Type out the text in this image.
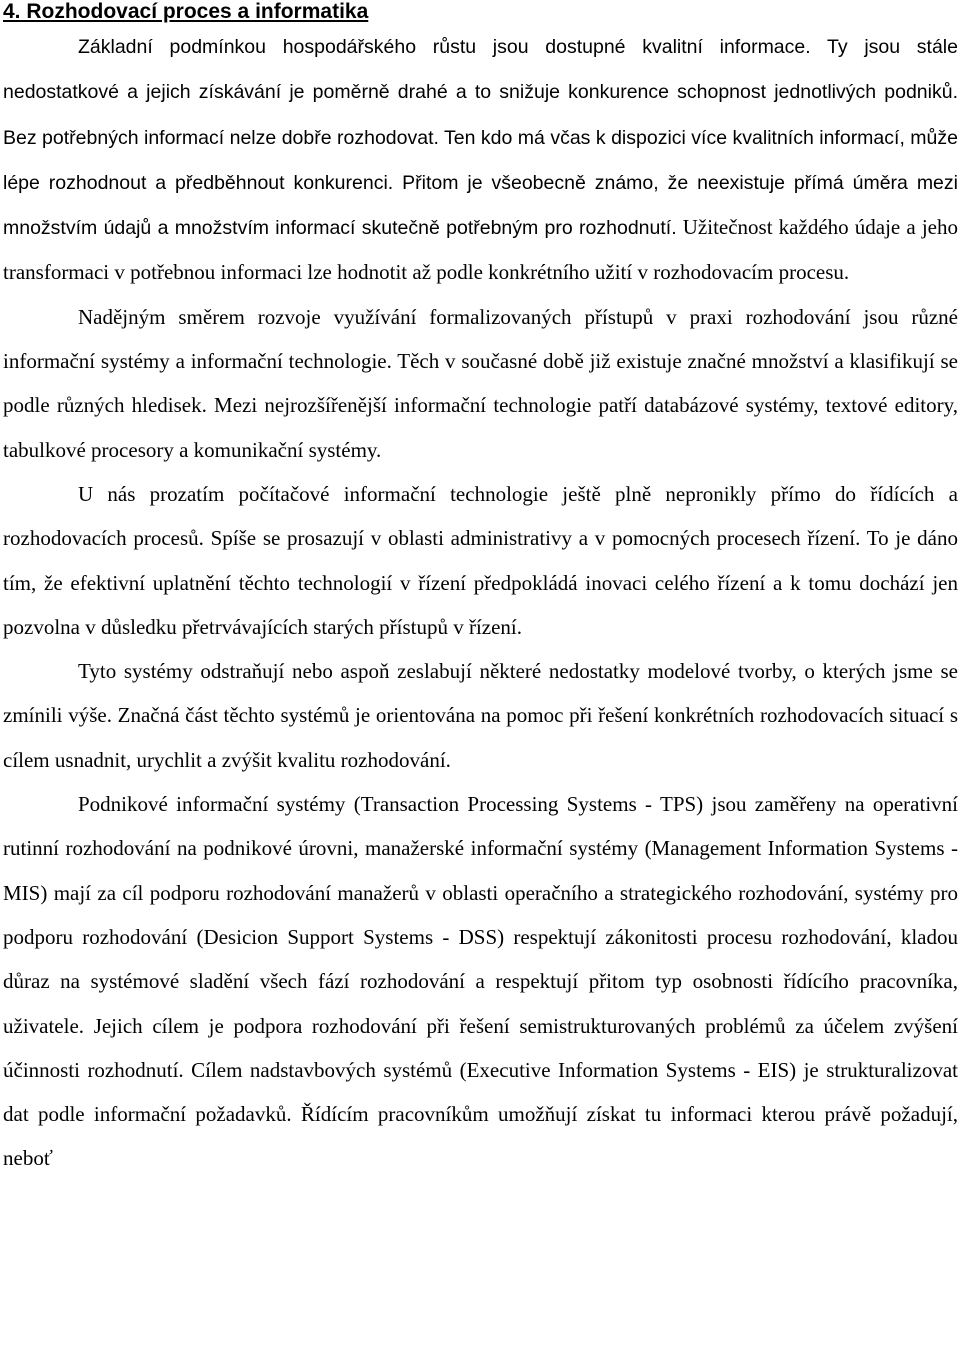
4. Rozhodovací proces a informatika

Základní podmínkou hospodářského růstu jsou dostupné kvalitní informace. Ty jsou stále nedostatkové a jejich získávání je poměrně drahé a to snižuje konkurence schopnost jednotlivých podniků. Bez potřebných informací nelze dobře rozhodovat. Ten kdo má včas k dispozici více kvalitních informací, může lépe rozhodnout a předběhnout konkurenci. Přitom je všeobecně známo, že neexistuje přímá úměra mezi množstvím údajů a množstvím informací skutečně potřebným pro rozhodnutí. Užitečnost každého údaje a jeho transformaci v potřebnou informaci lze hodnotit až podle konkrétního užití v rozhodovacím procesu.

Nadějným směrem rozvoje využívání formalizovaných přístupů v praxi rozhodování jsou různé informační systémy a informační technologie. Těch v současné době již existuje značné množství a klasifikují se podle různých hledisek. Mezi nejrozšířenější informační technologie patří databázové systémy, textové editory, tabulkové procesory a komunikační systémy.

U nás prozatím počítačové informační technologie ještě plně nepronikly přímo do řídících a rozhodovacích procesů. Spíše se prosazují v oblasti administrativy a v pomocných procesech řízení. To je dáno tím, že efektivní uplatnění těchto technologií v řízení předpokládá inovaci celého řízení a k tomu dochází jen pozvolna v důsledku přetrvávajících starých přístupů v řízení.

Tyto systémy odstraňují nebo aspoň zeslabují některé nedostatky modelové tvorby, o kterých jsme se zmínili výše. Značná část těchto systémů je orientována na pomoc při řešení konkrétních rozhodovacích situací s cílem usnadnit, urychlit a zvýšit kvalitu rozhodování.

Podnikové informační systémy (Transaction Processing Systems - TPS) jsou zaměřeny na operativní rutinní rozhodování na podnikové úrovni, manažerské informační systémy (Management Information Systems - MIS) mají za cíl podporu rozhodování manažerů v oblasti operačního a strategického rozhodování, systémy pro podporu rozhodování (Desicion Support Systems - DSS) respektují zákonitosti procesu rozhodování, kladou důraz na systémové sladění všech fází rozhodování a respektují přitom typ osobnosti řídícího pracovníka, uživatele. Jejich cílem je podpora rozhodování při řešení semistrukturovaných problémů za účelem zvýšení účinnosti rozhodnutí. Cílem nadstavbových systémů (Executive Information Systems - EIS) je strukturalizovat dat podle informační požadavků. Řídícím pracovníkům umožňují získat tu informaci kterou právě požadují, neboť
